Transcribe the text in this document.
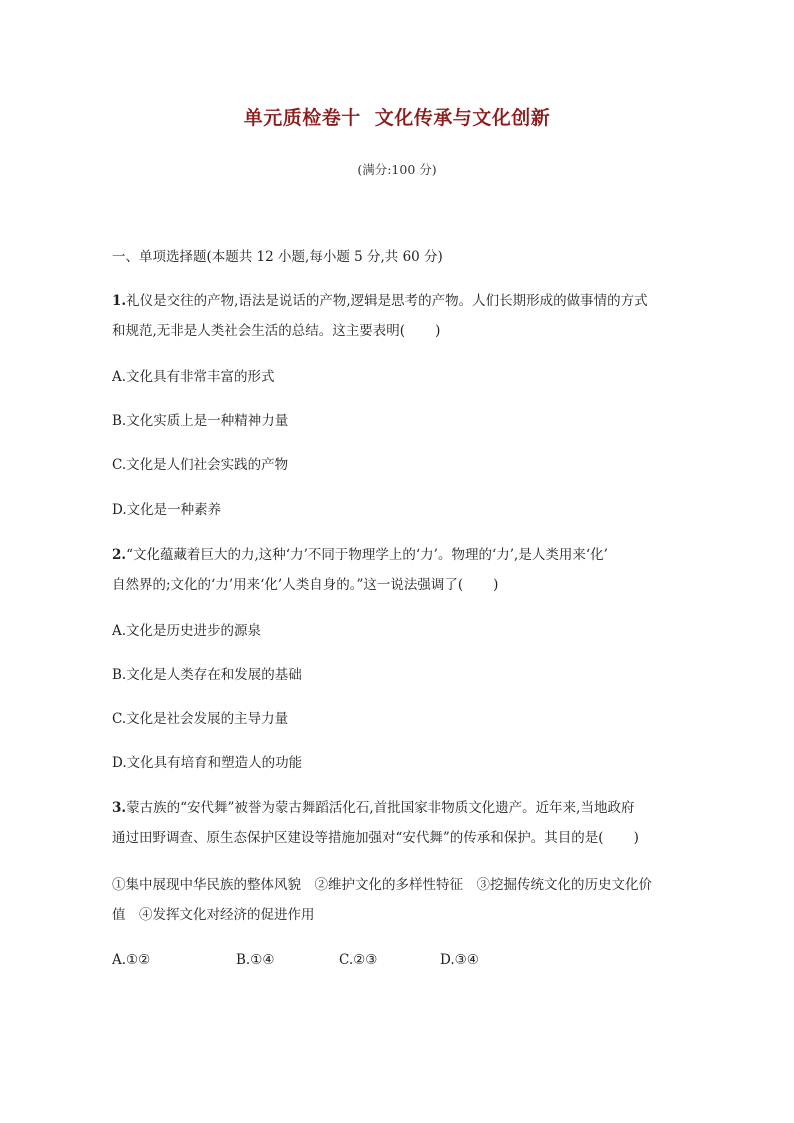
单元质检卷十 文化传承与文化创新
(满分:100 分)
一、单项选择题(本题共 12 小题,每小题 5 分,共 60 分)
1.礼仪是交往的产物,语法是说话的产物,逻辑是思考的产物。人们长期形成的做事情的方式
和规范,无非是人类社会生活的总结。这主要表明( )
A.文化具有非常丰富的形式
B.文化实质上是一种精神力量
C.文化是人们社会实践的产物
D.文化是一种素养
2.“文化蕴藏着巨大的力,这种‘力’不同于物理学上的‘力’。物理的‘力’,是人类用来‘化’
自然界的;文化的‘力’用来‘化’人类自身的。”这一说法强调了( )
A.文化是历史进步的源泉
B.文化是人类存在和发展的基础
C.文化是社会发展的主导力量
D.文化具有培育和塑造人的功能
3.蒙古族的“安代舞”被誉为蒙古舞蹈活化石,首批国家非物质文化遗产。近年来,当地政府
通过田野调查、原生态保护区建设等措施加强对“安代舞”的传承和保护。其目的是( )
①集中展现中华民族的整体风貌　②维护文化的多样性特征　③挖掘传统文化的历史文化价
值　④发挥文化对经济的促进作用
A.①②	B.①④	C.②③	D.③④
